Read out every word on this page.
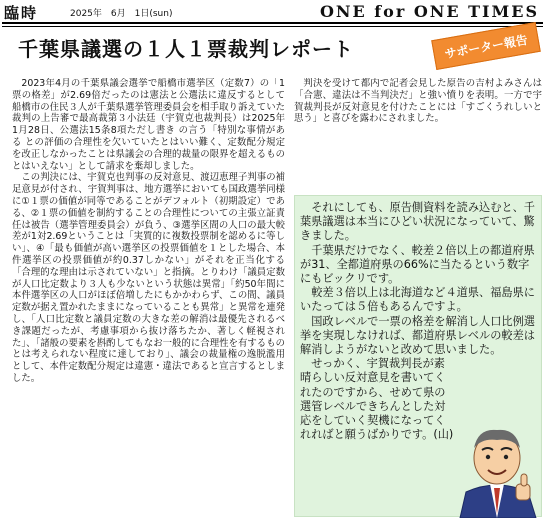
臨時	2025年　6月　1日(sun)	ONE for ONE TIMES
千葉県議選の１人１票裁判レポート	サポーター報告

2023年4月の千葉県議会選挙で船橋市選挙区（定数7）の「1票の格差」が2.69倍だったのは憲法と公選法に違反するとして船橋市の住民３人が千葉県選挙管理委員会を相手取り訴えていた裁判の上告審で最高裁第３小法廷（宇賀克也裁判長）は2025年1月28日、公選法15条8項ただし書き の言う「特別な事情がある との評価の合理性を欠いていたとはいい難く、定数配分規定を改正しなかったことは県議会の合理的裁量の限界を超えるものとはいえない」として請求を棄却しました。

この判決には、宇賀克也判事の反対意見、渡辺恵理子判事の補足意見が付され、宇賀判事は、地方選挙においても国政選挙同様に①１票の価値が同等であることがデフォルト（初期設定）である、②１票の価値を制約することの合理性についての主張立証責任は被告（選挙管理委員会）が負う、③選挙区間の人口の最大較差が1対2.69ということは「実質的に複数投票制を認めるに等しい」、④「最も価値が高い選挙区の投票価値を１とした場合、本件選挙区の投票価値が約0.37しかない」がそれを正当化する「合理的な理由は示されていない」と指摘。とりわけ「議員定数が人口比定数より３人も少ないという状態は異常」「約50年間に本件選挙区の人口がほぼ倍増したにもかかわらず、この間、議員定数が据え置かれたままになっていることも異常」と異常を連発し、「人口比定数と議員定数の大きな差の解消は最優先されるべき課題だったが、考慮事項から抜け落ちたか、著しく軽視された」、「諸般の要素を斟酌してもなお一般的に合理性を有するものとは考えられない程度に達しており」、議会の裁量権の逸脱濫用として、本件定数配分規定は違憲・違法であると宣言するとしました。

判決を受けて都内で記者会見した原告の吉村よみさんは「合憲、違法は不当判決だ」と強い憤りを表明。一方で宇賀裁判長が反対意見を付けたことには「すごくうれしいと思う」と喜びを露わにされました。

それにしても、原告側資料を読み込むと、千葉県議選は本当にひどい状況になっていて、驚きました。

千葉県だけでなく、較差２倍以上の都道府県が31、全都道府県の66%に当たるという数字にもビックリです。

較差３倍以上は北海道など４道県、福島県にいたっては５倍もあるんですよ。

国政レベルで一票の格差を解消し人口比例選挙を実現しなければ、都道府県レベルの較差は解消しようがないと改めて思いました。

せっかく、宇賀裁判長が素晴らしい反対意見を書いてくれたのですから、せめて県の選管レベルできちんとした対応をしていく契機になってくれればと願うばかりです。(山)
